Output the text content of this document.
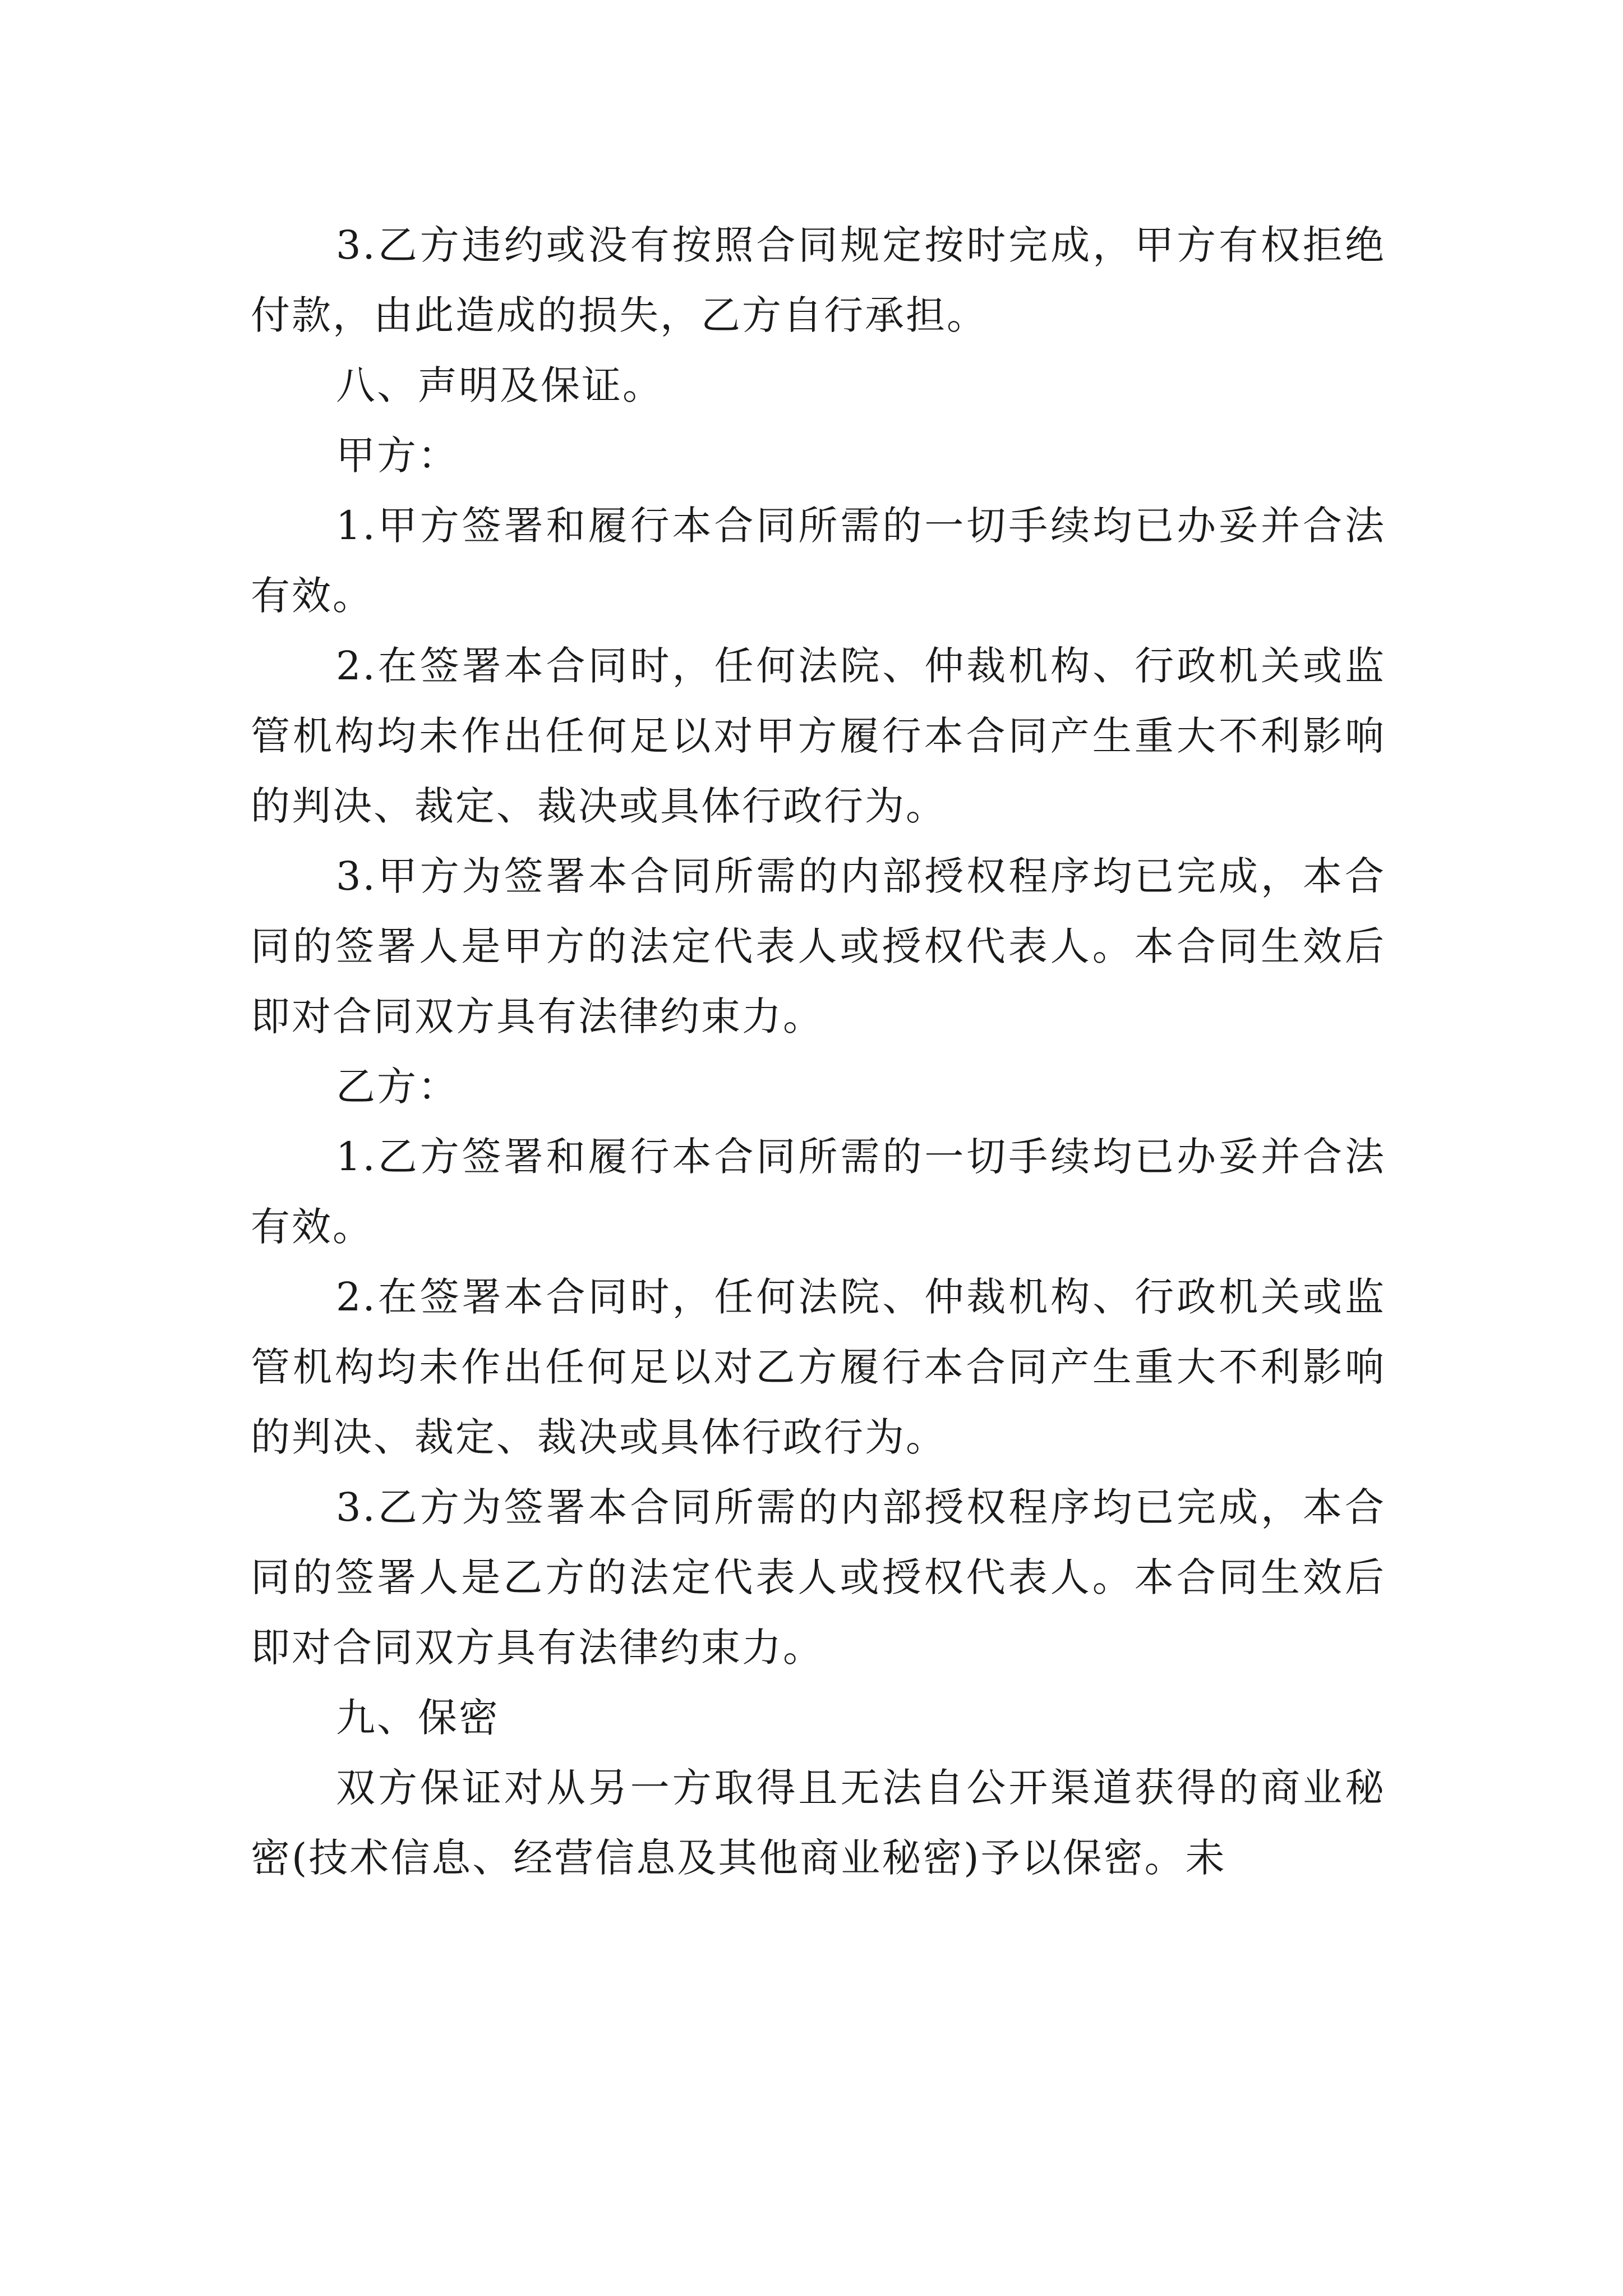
3.乙方违约或没有按照合同规定按时完成，甲方有权拒绝付款，由此造成的损失，乙方自行承担。

八、声明及保证。

甲方：

1.甲方签署和履行本合同所需的一切手续均已办妥并合法有效。

2.在签署本合同时，任何法院、仲裁机构、行政机关或监管机构均未作出任何足以对甲方履行本合同产生重大不利影响的判决、裁定、裁决或具体行政行为。

3.甲方为签署本合同所需的内部授权程序均已完成，本合同的签署人是甲方的法定代表人或授权代表人。本合同生效后即对合同双方具有法律约束力。

乙方：

1.乙方签署和履行本合同所需的一切手续均已办妥并合法有效。

2.在签署本合同时，任何法院、仲裁机构、行政机关或监管机构均未作出任何足以对乙方履行本合同产生重大不利影响的判决、裁定、裁决或具体行政行为。

3.乙方为签署本合同所需的内部授权程序均已完成，本合同的签署人是乙方的法定代表人或授权代表人。本合同生效后即对合同双方具有法律约束力。

九、保密

双方保证对从另一方取得且无法自公开渠道获得的商业秘密(技术信息、经营信息及其他商业秘密)予以保密。未
